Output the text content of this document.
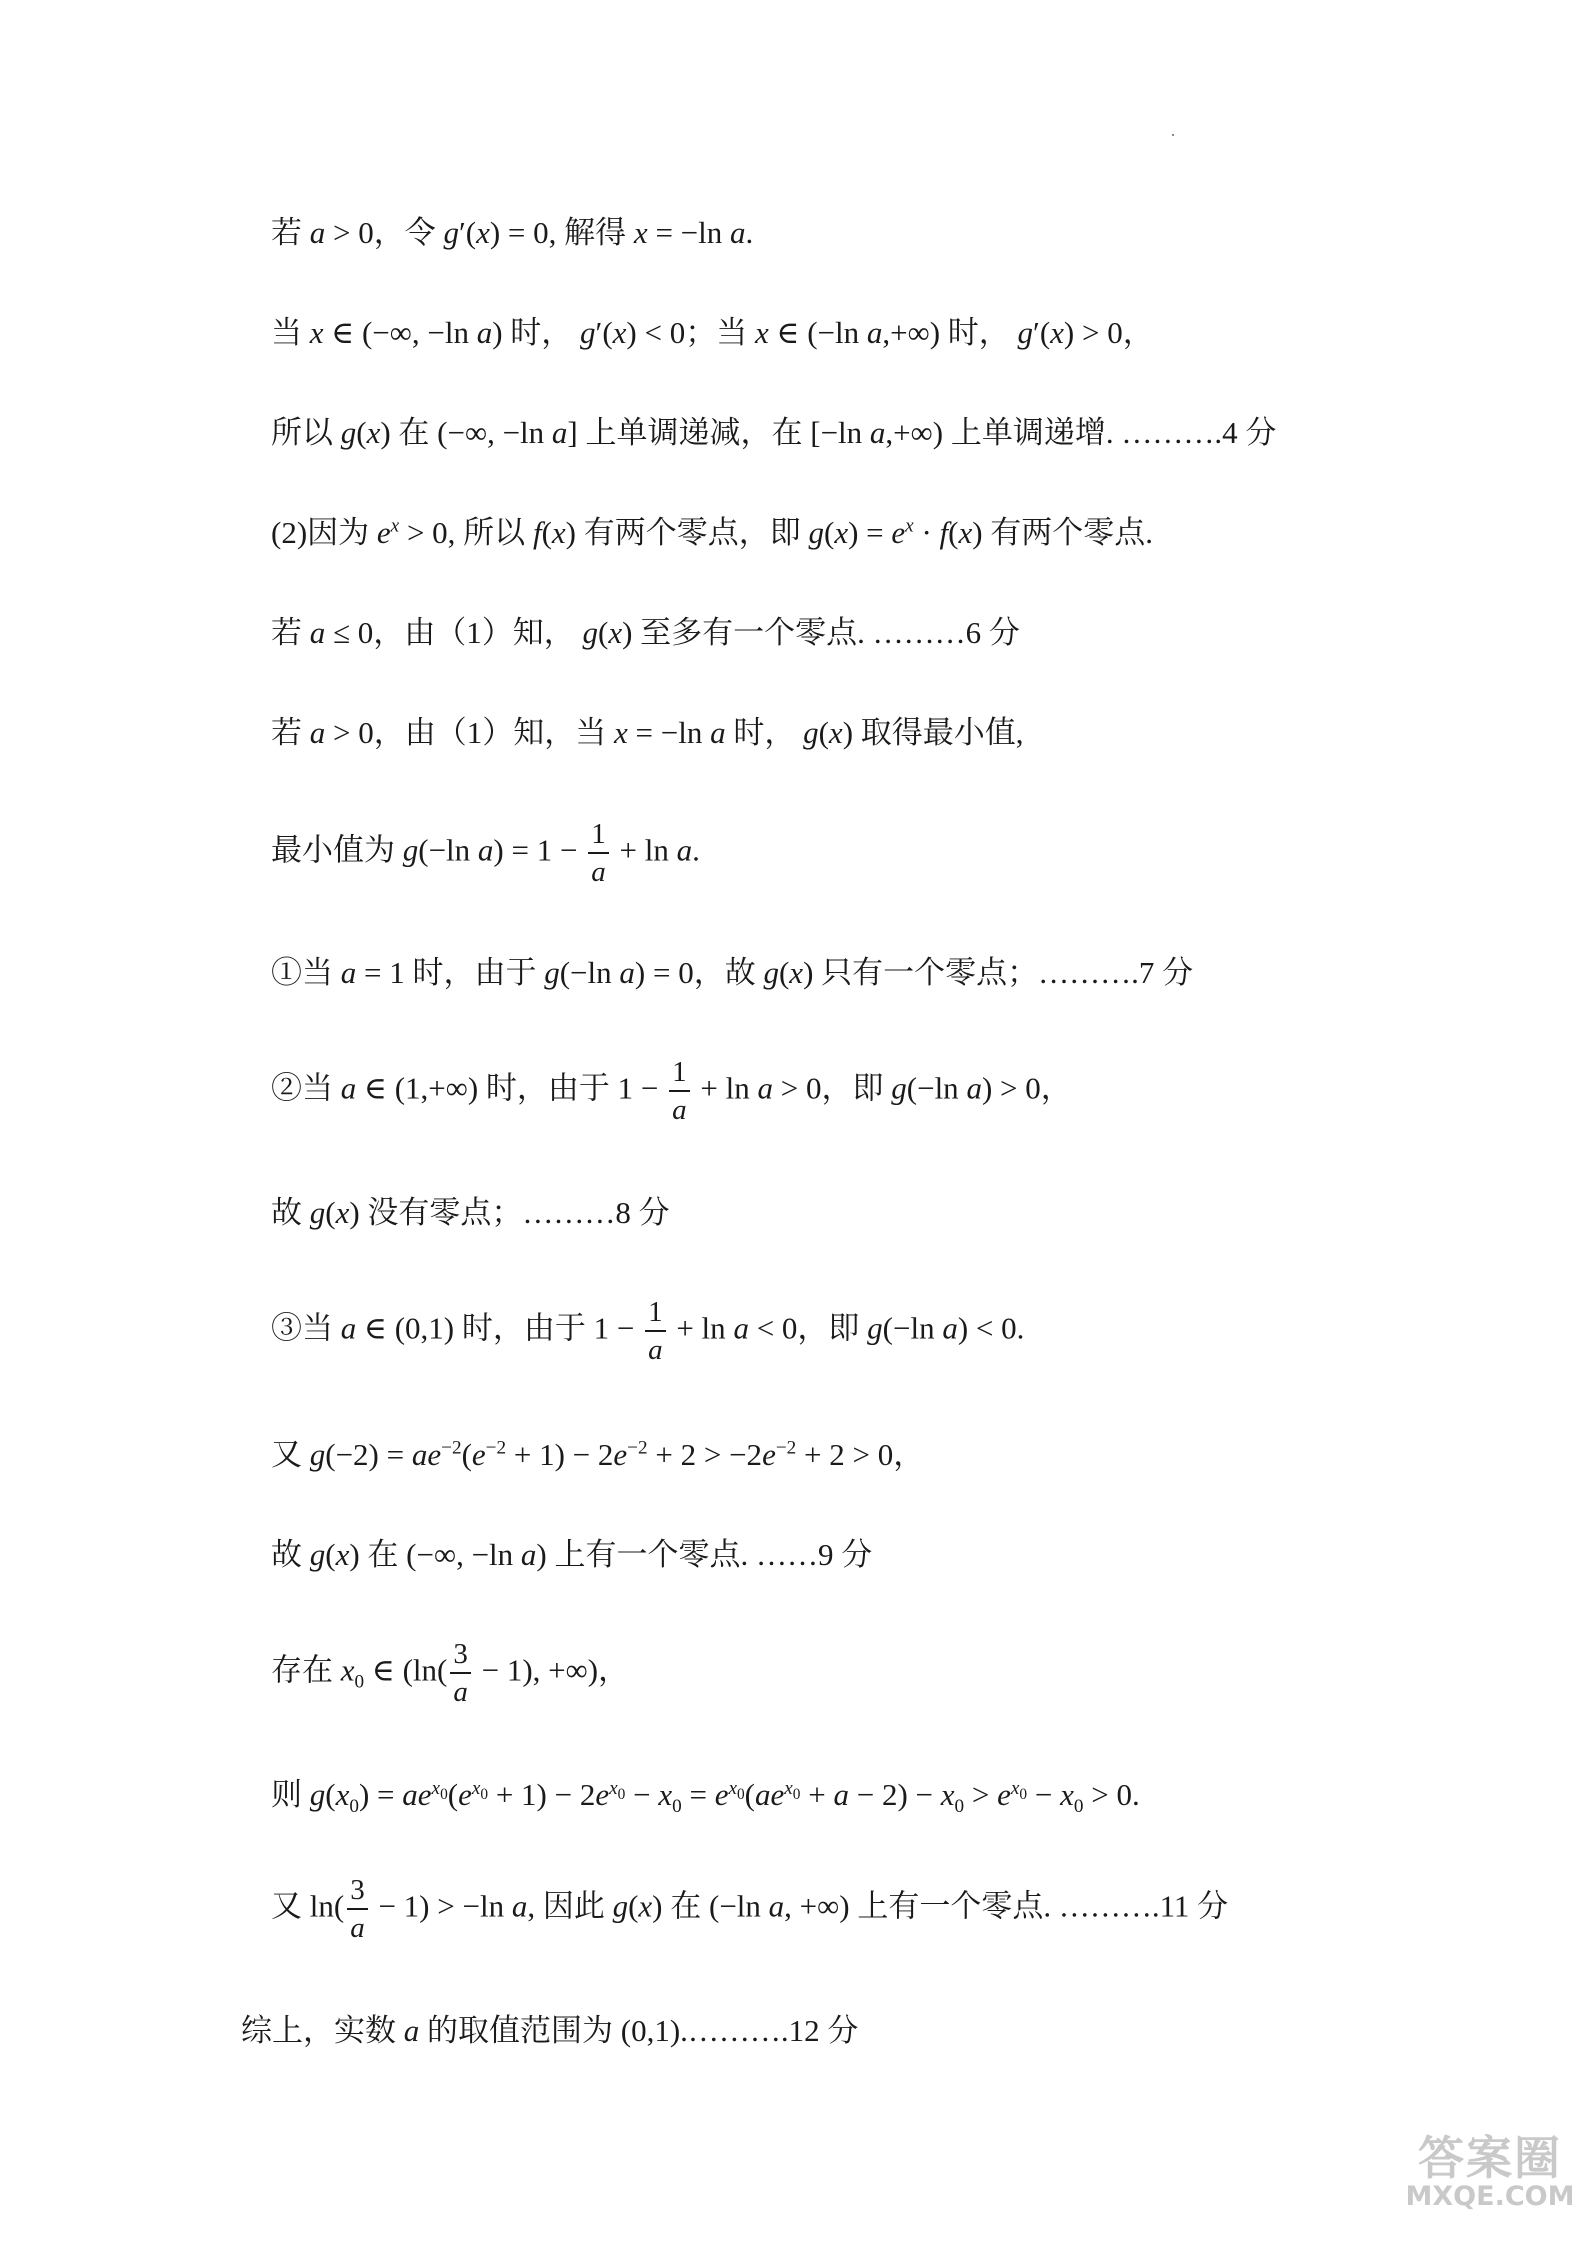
若 a > 0，令 g′(x) = 0, 解得 x = −ln a.
当 x ∈ (−∞, −ln a) 时， g′(x) < 0；当 x ∈ (−ln a,+∞) 时， g′(x) > 0，
所以 g(x) 在 (−∞, −ln a] 上单调递减，在 [−ln a,+∞) 上单调递增. ……….4 分
(2)因为 $e^x > 0$, 所以 f(x) 有两个零点，即 $g(x) = e^x \cdot f(x)$ 有两个零点.
若 a ≤ 0，由（1）知， g(x) 至多有一个零点. ………6 分
若 a > 0，由（1）知，当 x = −ln a 时， g(x) 取得最小值,
最小值为 g(−ln $a) = 1 - \frac{1}{a} + \ln a$.
①当 a = 1 时，由于 g(−ln a) = 0，故 g(x) 只有一个零点；……….7 分
②当 a ∈ (1,+∞) 时，由于 $1 - \frac{1}{a} + \ln a > 0$，即 g(−ln a) > 0，
故 g(x) 没有零点；………8 分
③当 a ∈ (0,1) 时，由于 $1 - \frac{1}{a} + \ln a < 0$，即 g(−ln a) < 0.
又 $g(-2) = ae^{-2}(e^{-2} + 1) - 2e^{-2} + 2 > -2e^{-2} + 2 > 0$，
故 g(x) 在 (−∞, −ln a) 上有一个零点. ……9 分
存在 $x_0$ ∈ ($\ln( \frac{3}{a} - 1)$, +∞)，
则 $g(x_0) = ae^{x_0}(e^{x_0} + 1) - 2e^{x_0} - x_0 = e^{x_0}(ae^{x_0} + a - 2) - x_0 > e^{x_0} - x_0 > 0$.
又 $\ln( \frac{3}{a} - 1) > -\ln$ a, 因此 g(x) 在 (−ln a, +∞) 上有一个零点. ……….11 分
综上，实数 a 的取值范围为 (0,1).……….12 分
答案圈
MXQE.COM
